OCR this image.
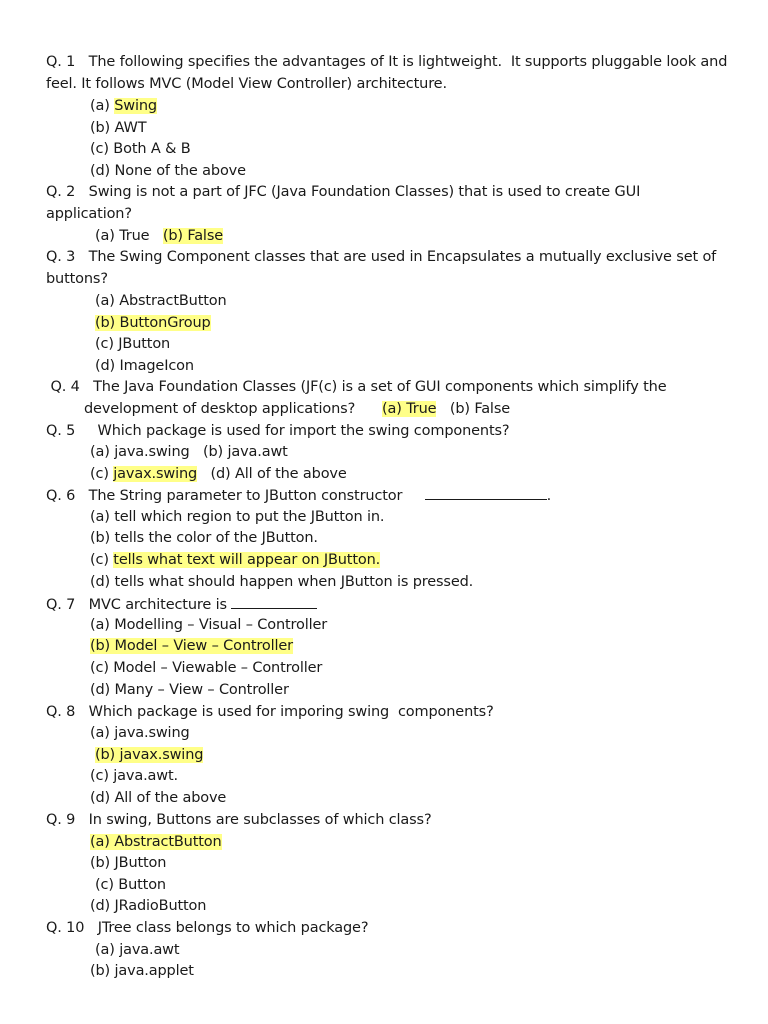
Q. 1   The following specifies the advantages of It is lightweight.  It supports pluggable look and
feel. It follows MVC (Model View Controller) architecture.
(a) Swing
(b) AWT
(c) Both A & B
(d) None of the above
Q. 2   Swing is not a part of JFC (Java Foundation Classes) that is used to create GUI
application?
(a) True (b) False
Q. 3   The Swing Component classes that are used in Encapsulates a mutually exclusive set of
buttons?
(a) AbstractButton
(b) ButtonGroup
(c) JButton
(d) ImageIcon
Q. 4   The Java Foundation Classes (JF(c) is a set of GUI components which simplify the
development of desktop applications? (a) True (b) False
Q. 5     Which package is used for import the swing components?
(a) java.swing (b) java.awt
(c) javax.swing (d) All of the above
Q. 6   The String parameter to JButton constructor	.
(a) tell which region to put the JButton in.
(b) tells the color of the JButton.
(c) tells what text will appear on JButton.
(d) tells what should happen when JButton is pressed.
Q. 7   MVC architecture is
(a) Modelling – Visual – Controller
(b) Model – View – Controller
(c) Model – Viewable – Controller
(d) Many – View – Controller
Q. 8   Which package is used for imporing swing  components?
(a) java.swing
(b) javax.swing
(c) java.awt.
(d) All of the above
Q. 9   In swing, Buttons are subclasses of which class?
(a) AbstractButton
(b) JButton
(c) Button
(d) JRadioButton
Q. 10   JTree class belongs to which package?
(a) java.awt
(b) java.applet
